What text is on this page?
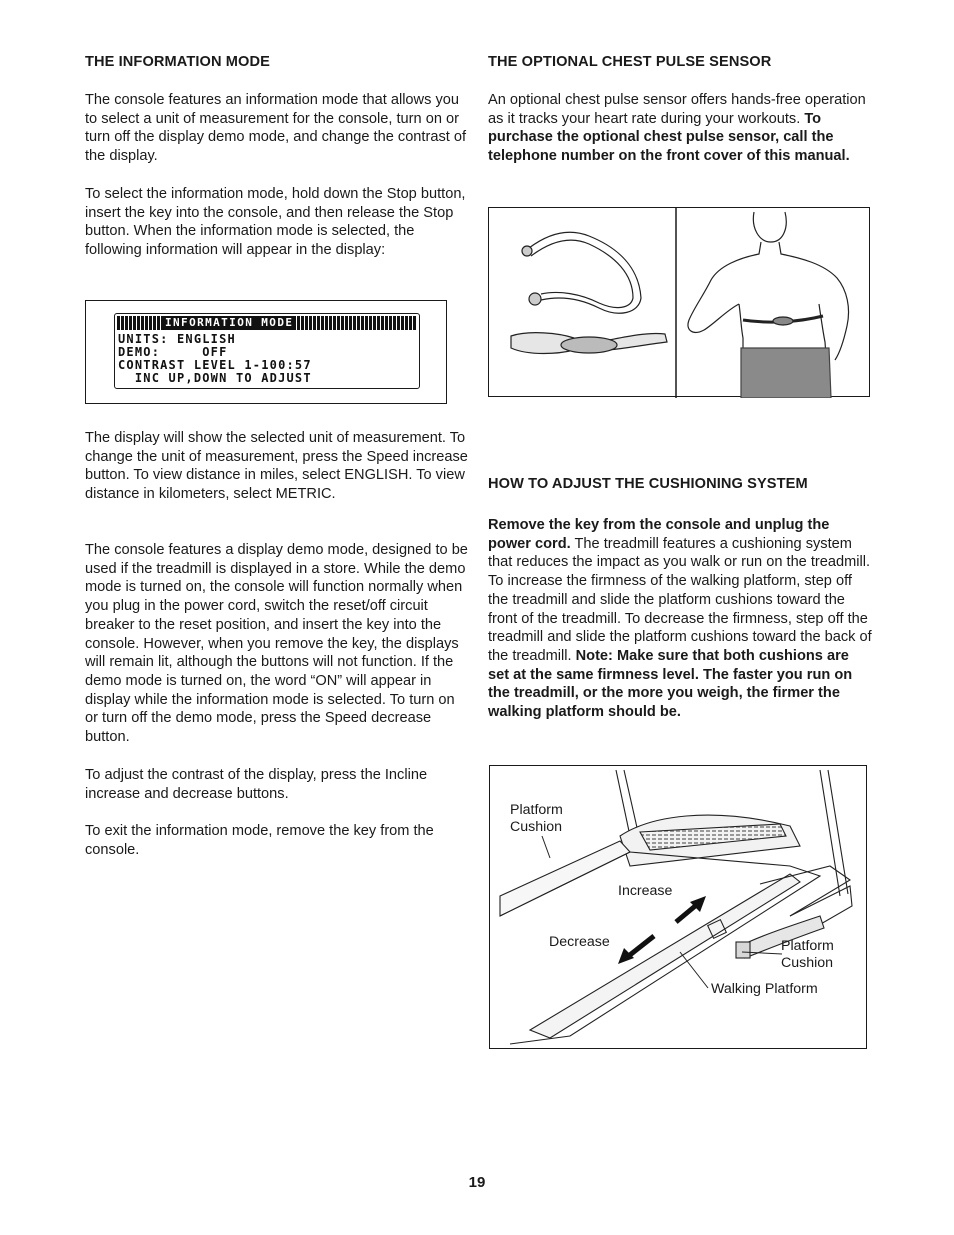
THE INFORMATION MODE

The console features an information mode that allows you to select a unit of measurement for the console, turn on or turn off the display demo mode, and change the contrast of the display.

To select the information mode, hold down the Stop button, insert the key into the console, and then release the Stop button. When the information mode is selected, the following information will appear in the display:

INFORMATION MODE
UNITS: ENGLISH
DEMO:     OFF
CONTRAST LEVEL 1-100:57
INC UP,DOWN TO ADJUST

The display will show the selected unit of measurement. To change the unit of measurement, press the Speed increase button. To view distance in miles, select ENGLISH. To view distance in kilometers, select METRIC.

The console features a display demo mode, designed to be used if the treadmill is displayed in a store. While the demo mode is turned on, the console will function normally when you plug in the power cord, switch the reset/off circuit breaker to the reset position, and insert the key into the console. However, when you remove the key, the displays will remain lit, although the buttons will not function. If the demo mode is turned on, the word “ON” will appear in display while the information mode is selected. To turn on or turn off the demo mode, press the Speed decrease button.

To adjust the contrast of the display, press the Incline increase and decrease buttons.

To exit the information mode, remove the key from the console.

THE OPTIONAL CHEST PULSE SENSOR

An optional chest pulse sensor offers hands-free operation as it tracks your heart rate during your workouts. To purchase the optional chest pulse sensor, call the telephone number on the front cover of this manual.

HOW TO ADJUST THE CUSHIONING SYSTEM

Remove the key from the console and unplug the power cord. The treadmill features a cushioning system that reduces the impact as you walk or run on the treadmill. To increase the firmness of the walking platform, step off the treadmill and slide the platform cushions toward the front of the treadmill. To decrease the firmness, step off the treadmill and slide the platform cushions toward the back of the treadmill. Note: Make sure that both cushions are set at the same firmness level. The faster you run on the treadmill, or the more you weigh, the firmer the walking platform should be.

Platform
Cushion
Increase
Decrease	Platform
Cushion
Walking Platform
19
